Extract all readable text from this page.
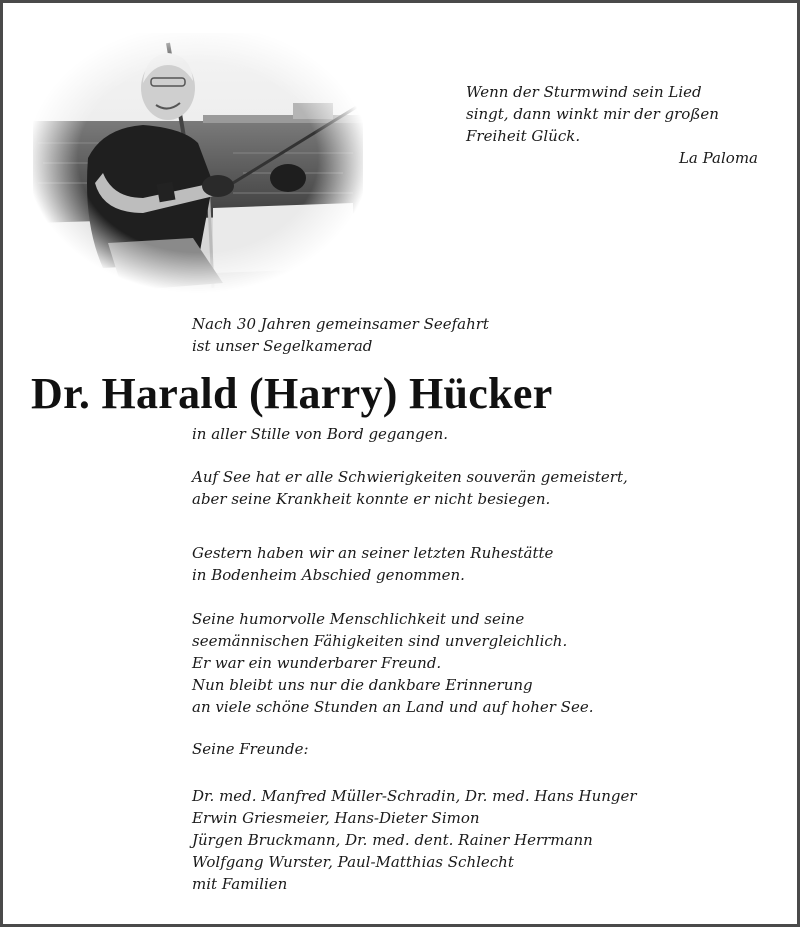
Wenn der Sturmwind sein Lied
singt, dann winkt mir der großen
Freiheit Glück.
La Paloma
Nach 30 Jahren gemeinsamer Seefahrt
ist unser Segelkamerad
Dr. Harald (Harry) Hücker
in aller Stille von Bord gegangen.
Auf See hat er alle Schwierigkeiten souverän gemeistert,
aber seine Krankheit konnte er nicht besiegen.
Gestern haben wir an seiner letzten Ruhestätte
in Bodenheim Abschied genommen.
Seine humorvolle Menschlichkeit und seine
seemännischen Fähigkeiten sind unvergleichlich.
Er war ein wunderbarer Freund.
Nun bleibt uns nur die dankbare Erinnerung
an viele schöne Stunden an Land und auf hoher See.
Seine Freunde:
Dr. med. Manfred Müller-Schradin, Dr. med. Hans Hunger
Erwin Griesmeier, Hans-Dieter Simon
Jürgen Bruckmann, Dr. med. dent. Rainer Herrmann
Wolfgang Wurster, Paul-Matthias Schlecht
mit Familien
